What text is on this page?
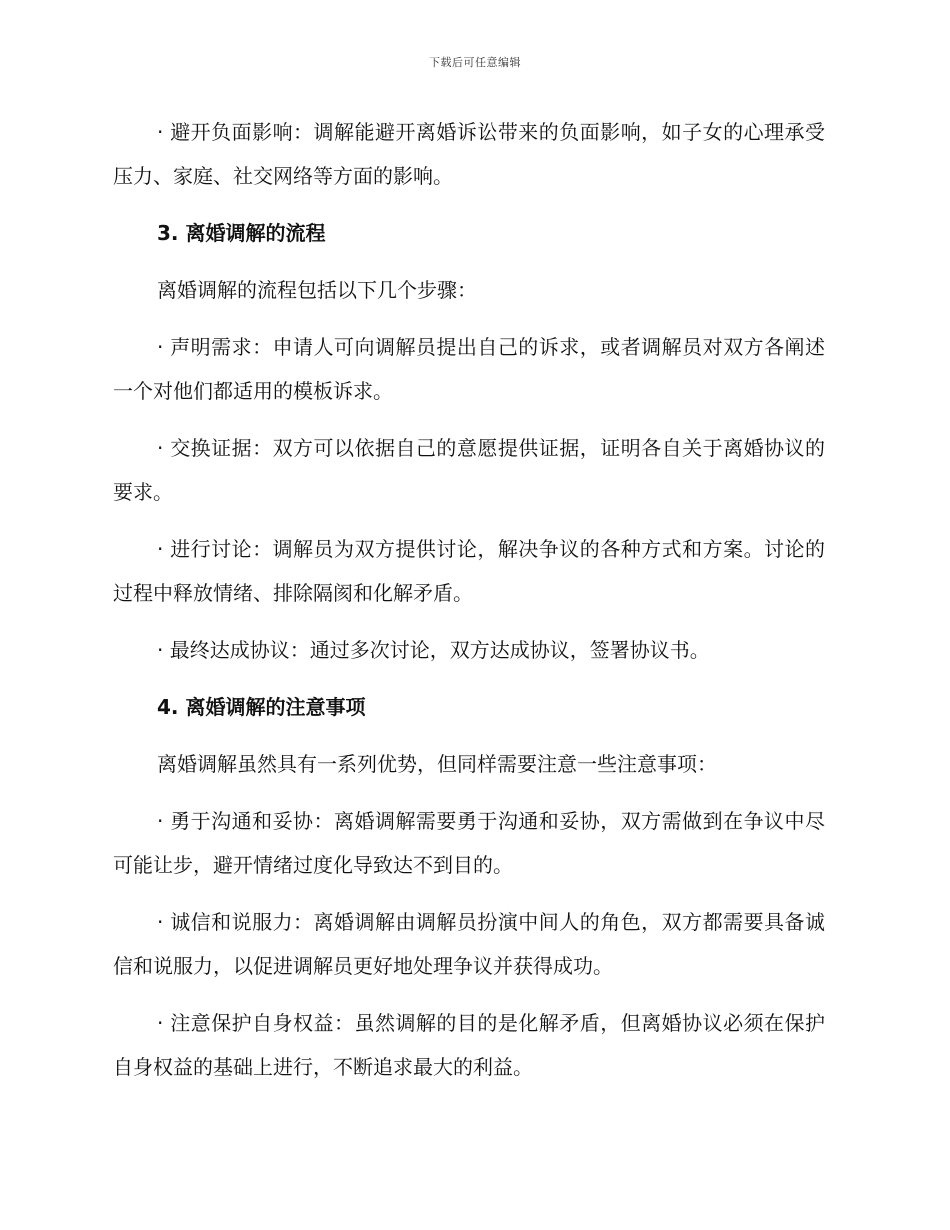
下载后可任意编辑

· 避开负面影响：调解能避开离婚诉讼带来的负面影响，如子女的心理承受压力、家庭、社交网络等方面的影响。

3. 离婚调解的流程

离婚调解的流程包括以下几个步骤：

· 声明需求：申请人可向调解员提出自己的诉求，或者调解员对双方各阐述一个对他们都适用的模板诉求。

· 交换证据：双方可以依据自己的意愿提供证据，证明各自关于离婚协议的要求。

· 进行讨论：调解员为双方提供讨论，解决争议的各种方式和方案。讨论的过程中释放情绪、排除隔阂和化解矛盾。

· 最终达成协议：通过多次讨论，双方达成协议，签署协议书。

4. 离婚调解的注意事项

离婚调解虽然具有一系列优势，但同样需要注意一些注意事项：

· 勇于沟通和妥协：离婚调解需要勇于沟通和妥协，双方需做到在争议中尽可能让步，避开情绪过度化导致达不到目的。

· 诚信和说服力：离婚调解由调解员扮演中间人的角色，双方都需要具备诚信和说服力，以促进调解员更好地处理争议并获得成功。

· 注意保护自身权益：虽然调解的目的是化解矛盾，但离婚协议必须在保护自身权益的基础上进行，不断追求最大的利益。
